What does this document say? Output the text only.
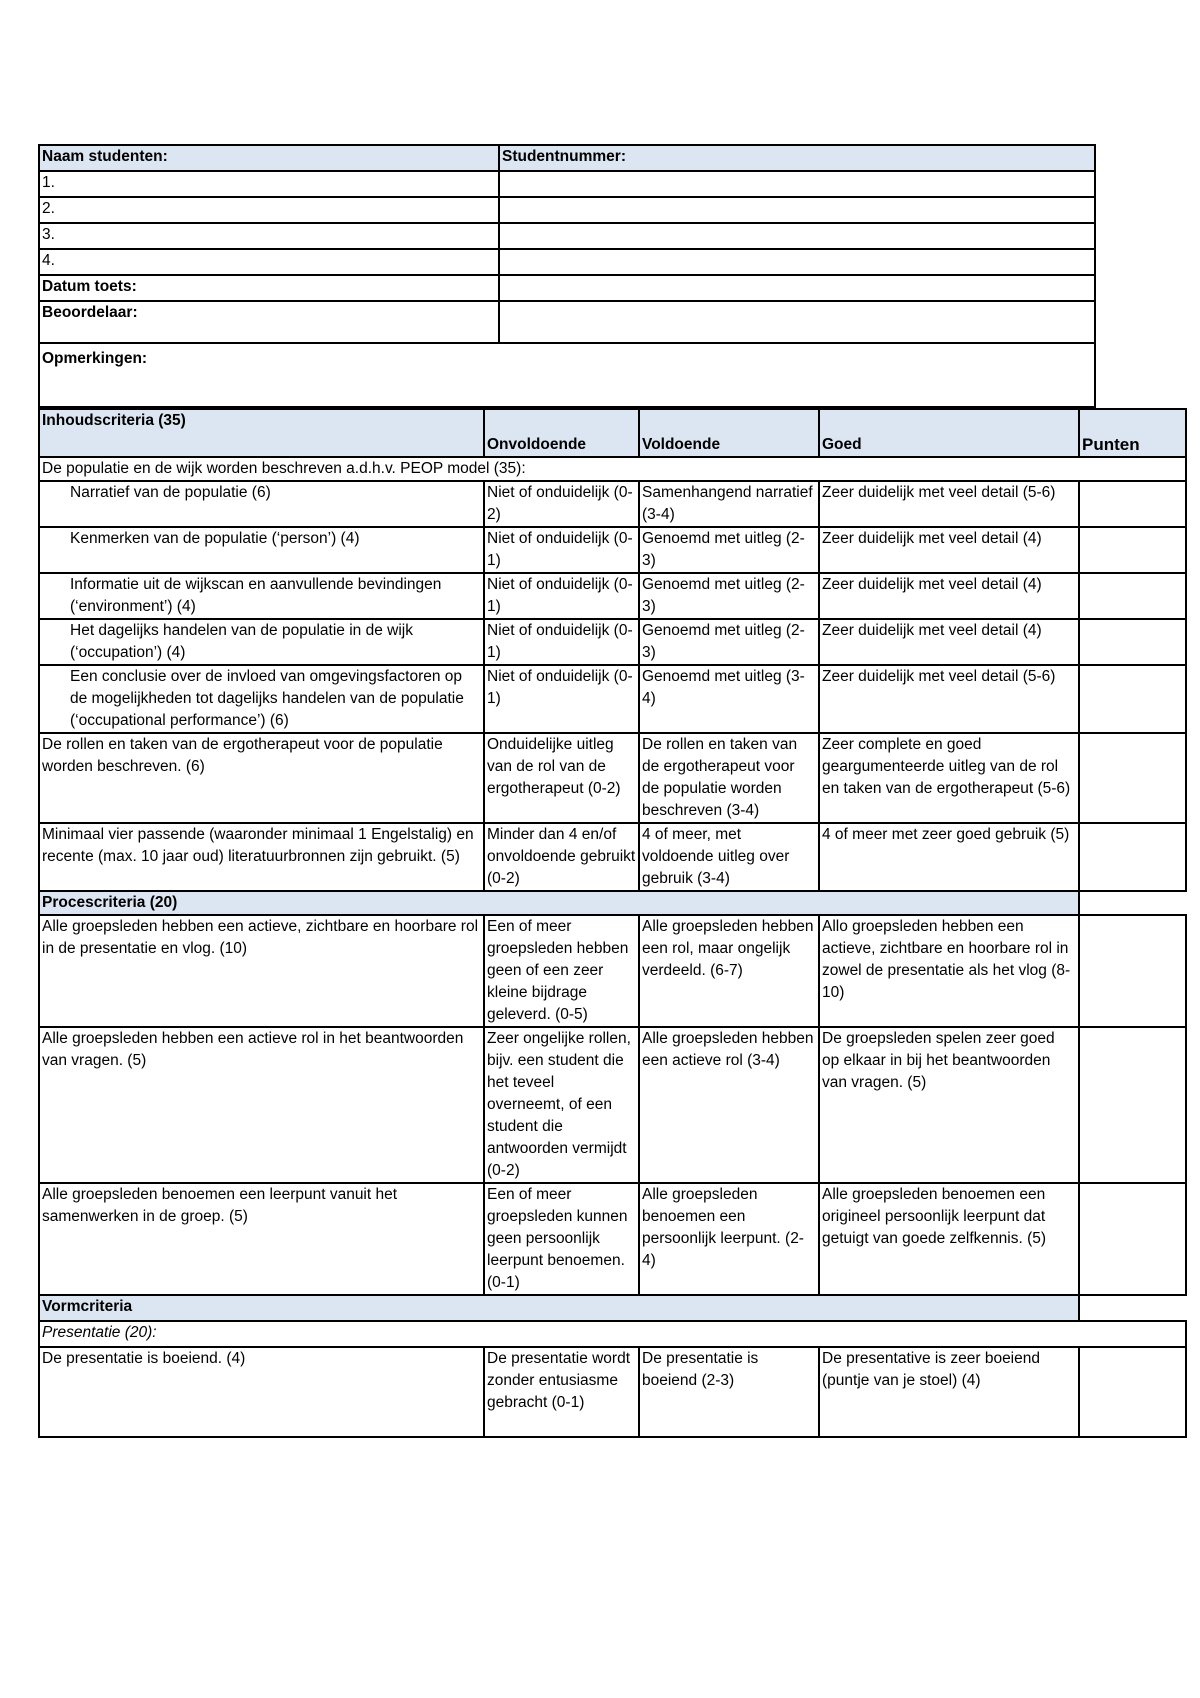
Naam studenten:	Studentnummer:
1.	
2.	
3.	
4.	
Datum toets:	
Beoordelaar:	
Opmerkingen:	
Inhoudscriteria (35)	Onvoldoende	Voldoende	Goed	Punten
De populatie en de wijk worden beschreven a.d.h.v. PEOP model (35):				
Narratief van de populatie (6)	Niet of onduidelijk (0-2)	Samenhangend narratief (3-4)	Zeer duidelijk met veel detail (5-6)	
Kenmerken van de populatie (‘person’) (4)	Niet of onduidelijk (0-1)	Genoemd met uitleg (2-3)	Zeer duidelijk met veel detail (4)	
Informatie uit de wijkscan en aanvullende bevindingen (‘environment’) (4)	Niet of onduidelijk (0-1)	Genoemd met uitleg (2-3)	Zeer duidelijk met veel detail (4)	
Het dagelijks handelen van de populatie in de wijk (‘occupation’) (4)	Niet of onduidelijk (0-1)	Genoemd met uitleg (2-3)	Zeer duidelijk met veel detail (4)	
Een conclusie over de invloed van omgevingsfactoren op de mogelijkheden tot dagelijks handelen van de populatie (‘occupational performance’) (6)	Niet of onduidelijk (0-1)	Genoemd met uitleg (3-4)	Zeer duidelijk met veel detail (5-6)	
De rollen en taken van de ergotherapeut voor de populatie worden beschreven. (6)	Onduidelijke uitleg van de rol van de ergotherapeut (0-2)	De rollen en taken van de ergotherapeut voor de populatie worden beschreven (3-4)	Zeer complete en goed geargumenteerde uitleg van de rol en taken van de ergotherapeut (5-6)	
Minimaal vier passende (waaronder minimaal 1 Engelstalig) en recente (max. 10 jaar oud) literatuurbronnen zijn gebruikt. (5)	Minder dan 4 en/of onvoldoende gebruikt (0-2)	4 of meer, met voldoende uitleg over gebruik (3-4)	4 of meer met zeer goed gebruik (5)	
Procescriteria (20)				
Alle groepsleden hebben een actieve, zichtbare en hoorbare rol in de presentatie en vlog. (10)	Een of meer groepsleden hebben geen of een zeer kleine bijdrage geleverd. (0-5)	Alle groepsleden hebben een rol, maar ongelijk verdeeld. (6-7)	Allo groepsleden hebben een actieve, zichtbare en hoorbare rol in zowel de presentatie als het vlog (8-10)	
Alle groepsleden hebben een actieve rol in het beantwoorden van vragen. (5)	Zeer ongelijke rollen, bijv. een student die het teveel overneemt, of een student die antwoorden vermijdt (0-2)	Alle groepsleden hebben een actieve rol (3-4)	De groepsleden spelen zeer goed op elkaar in bij het beantwoorden van vragen. (5)	
Alle groepsleden benoemen een leerpunt vanuit het samenwerken in de groep. (5)	Een of meer groepsleden kunnen geen persoonlijk leerpunt benoemen. (0-1)	Alle groepsleden benoemen een persoonlijk leerpunt. (2-4)	Alle groepsleden benoemen een origineel persoonlijk leerpunt dat getuigt van goede zelfkennis. (5)	
Vormcriteria				
Presentatie (20):				
De presentatie is boeiend. (4)	De presentatie wordt zonder entusiasme gebracht (0-1)	De presentatie is boeiend (2-3)	De presentative is zeer boeiend (puntje van je stoel) (4)	
